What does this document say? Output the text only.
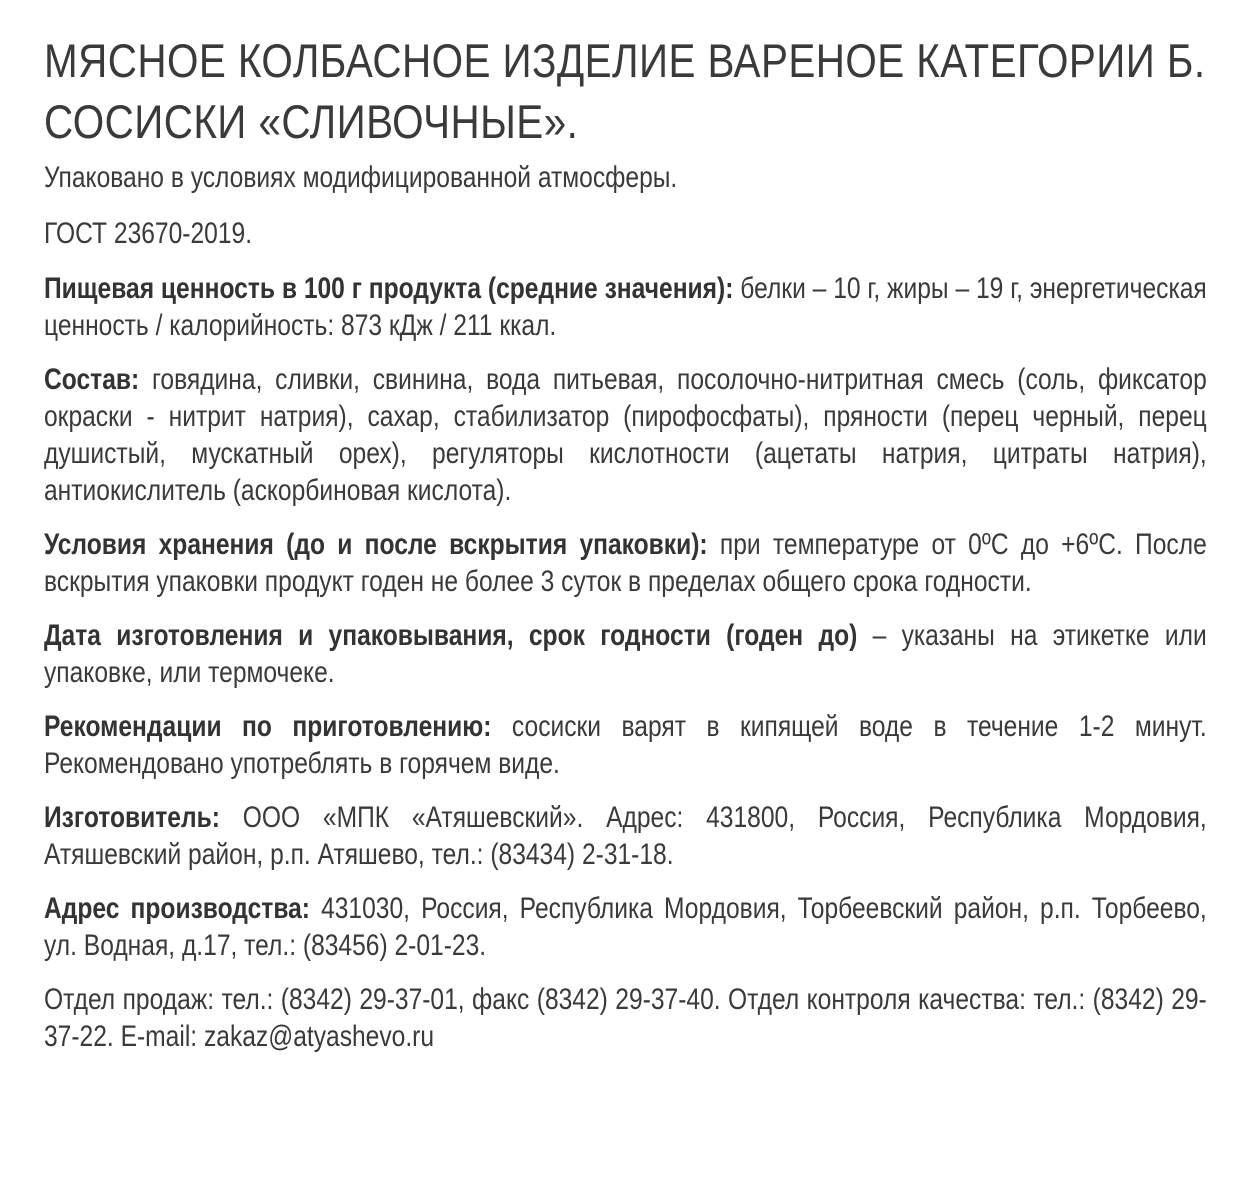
МЯСНОЕ КОЛБАСНОЕ ИЗДЕЛИЕ ВАРЕНОЕ КАТЕГОРИИ Б. СОСИСКИ «СЛИВОЧНЫЕ».
Упаковано в условиях модифицированной атмосферы.
ГОСТ 23670-2019.
Пищевая ценность в 100 г продукта (средние значения): белки – 10 г, жиры – 19 г, энергетическая ценность / калорийность: 873 кДж / 211 ккал.
Состав: говядина, сливки, свинина, вода питьевая, посолочно-нитритная смесь (соль, фиксатор окраски - нитрит натрия), сахар, стабилизатор (пирофосфаты), пряности (перец черный, перец душистый, мускатный орех), регуляторы кислотности (ацетаты натрия, цитраты натрия), антиокислитель (аскорбиновая кислота).
Условия хранения (до и после вскрытия упаковки): при температуре от 0ºС до +6ºС. После вскрытия упаковки продукт годен не более 3 суток в пределах общего срока годности.
Дата изготовления и упаковывания, срок годности (годен до) – указаны на этикетке или упаковке, или термочеке.
Рекомендации по приготовлению: сосиски варят в кипящей воде в течение 1-2 минут. Рекомендовано употреблять в горячем виде.
Изготовитель: ООО «МПК «Атяшевский». Адрес: 431800, Россия, Республика Мордовия, Атяшевский район, р.п. Атяшево, тел.: (83434) 2-31-18.
Адрес производства: 431030, Россия, Республика Мордовия, Торбеевский район, р.п. Торбеево, ул. Водная, д.17, тел.: (83456) 2-01-23.
Отдел продаж: тел.: (8342) 29-37-01, факс (8342) 29-37-40. Отдел контроля качества: тел.: (8342) 29-37-22. E-mail: zakaz@atyashevo.ru
